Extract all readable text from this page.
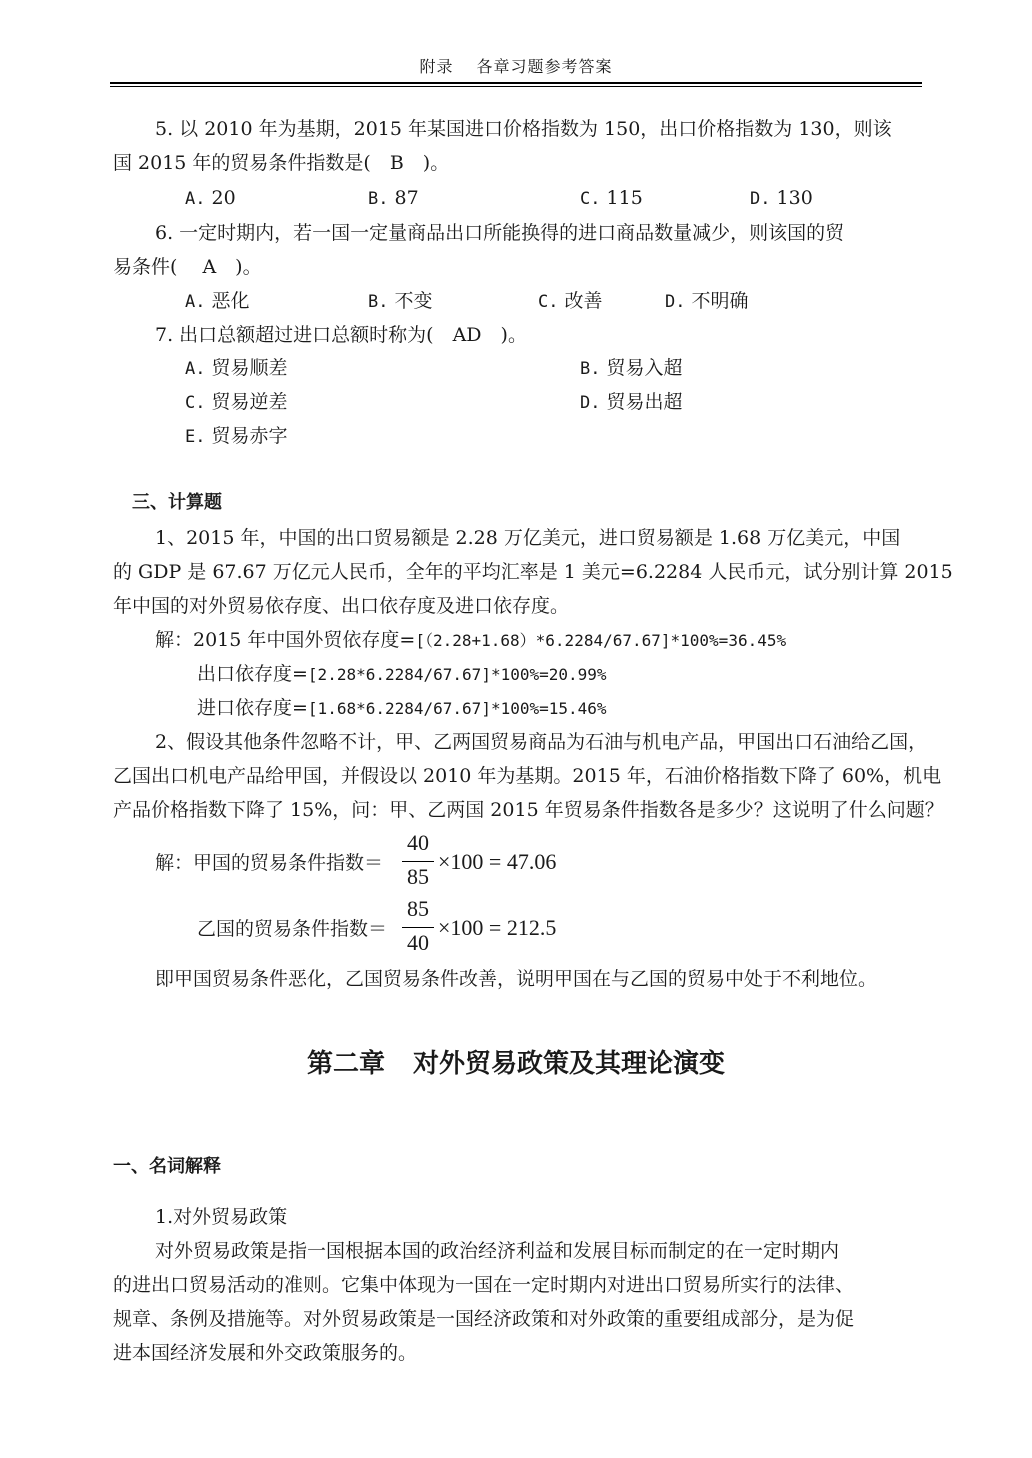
附录　 各章习题参考答案
5. 以 2010 年为基期，2015 年某国进口价格指数为 150，出口价格指数为 130，则该
国 2015 年的贸易条件指数是(　B　)。
A. 20	B. 87	C. 115	D. 130
6. 一定时期内，若一国一定量商品出口所能换得的进口商品数量减少，则该国的贸
易条件(　 A　)。
A. 恶化	B. 不变	C. 改善	D. 不明确
7. 出口总额超过进口总额时称为(　AD　)。
A. 贸易顺差	B. 贸易入超
C. 贸易逆差	D. 贸易出超
E. 贸易赤字
三、计算题
1、2015 年，中国的出口贸易额是 2.28 万亿美元，进口贸易额是 1.68 万亿美元，中国
的 GDP 是 67.67 万亿元人民币，全年的平均汇率是 1 美元=6.2284 人民币元，试分别计算 2015
年中国的对外贸易依存度、出口依存度及进口依存度。
解：2015 年中国外贸依存度=[（2.28+1.68）*6.2284/67.67]*100%=36.45%
出口依存度=[2.28*6.2284/67.67]*100%=20.99%
进口依存度=[1.68*6.2284/67.67]*100%=15.46%
2、假设其他条件忽略不计，甲、乙两国贸易商品为石油与机电产品，甲国出口石油给乙国，
乙国出口机电产品给甲国，并假设以 2010 年为基期。2015 年，石油价格指数下降了 60%，机电
产品价格指数下降了 15%，问：甲、乙两国 2015 年贸易条件指数各是多少？这说明了什么问题？
解：甲国的贸易条件指数＝
40
85
×100 = 47.06
乙国的贸易条件指数＝
85
40
×100 = 212.5
即甲国贸易条件恶化，乙国贸易条件改善，说明甲国在与乙国的贸易中处于不利地位。
第二章 对外贸易政策及其理论演变
一、名词解释
1.对外贸易政策
对外贸易政策是指一国根据本国的政治经济利益和发展目标而制定的在一定时期内
的进出口贸易活动的准则。它集中体现为一国在一定时期内对进出口贸易所实行的法律、
规章、条例及措施等。对外贸易政策是一国经济政策和对外政策的重要组成部分，是为促
进本国经济发展和外交政策服务的。
